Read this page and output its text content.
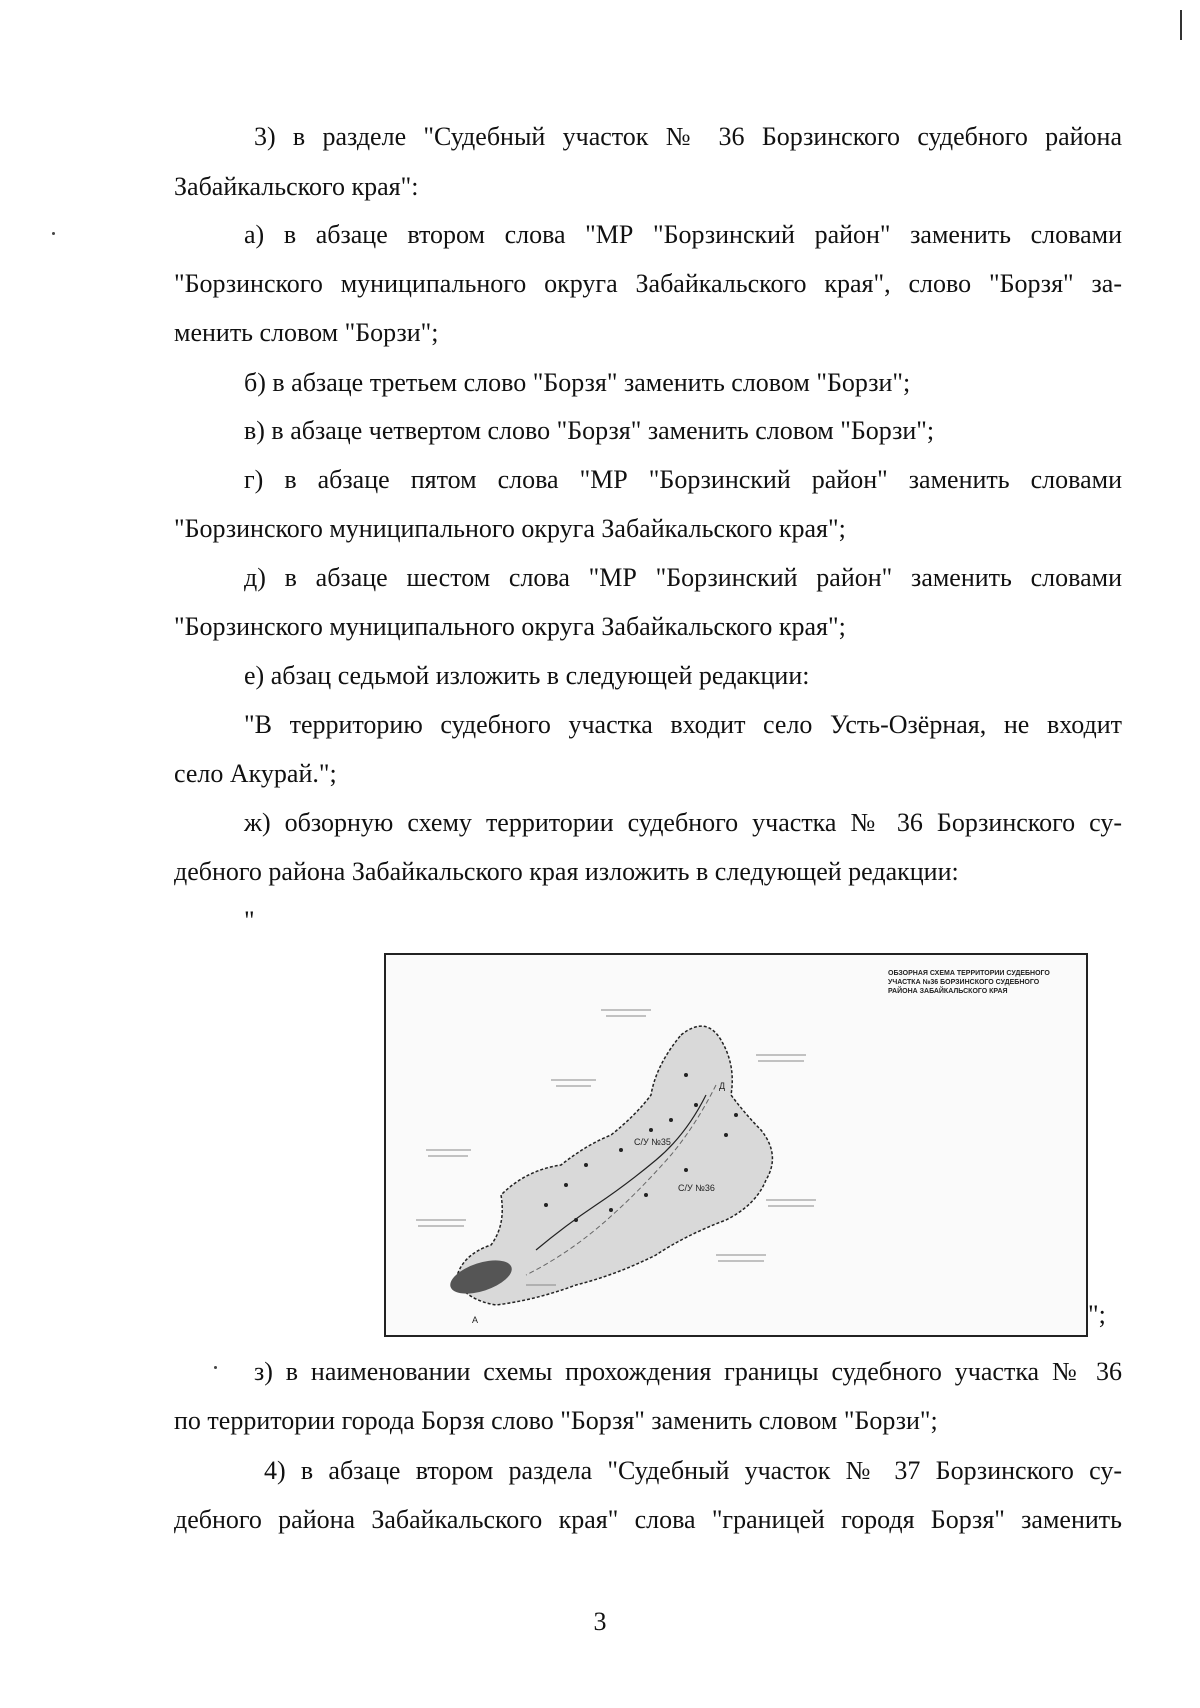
3) в разделе "Судебный участок № 36 Борзинского судебного района
Забайкальского края":
а) в абзаце втором слова "МР "Борзинский район" заменить словами
"Борзинского муниципального округа Забайкальского края", слово "Борзя" за-
менить словом "Борзи";
б) в абзаце третьем слово "Борзя" заменить словом "Борзи";
в) в абзаце четвертом слово "Борзя" заменить словом "Борзи";
г) в абзаце пятом слова "МР "Борзинский район" заменить словами
"Борзинского муниципального округа Забайкальского края";
д) в абзаце шестом слова "МР "Борзинский район" заменить словами
"Борзинского муниципального округа Забайкальского края";
е) абзац седьмой изложить в следующей редакции:
"В территорию судебного участка входит село Усть-Озёрная, не входит
село Акурай.";
ж) обзорную схему территории судебного участка № 36 Борзинского су-
дебного района Забайкальского края изложить в следующей редакции:
"
ОБЗОРНАЯ СХЕМА ТЕРРИТОРИИ СУДЕБНОГО УЧАСТКА №36 БОРЗИНСКОГО СУДЕБНОГО РАЙОНА ЗАБАЙКАЛЬСКОГО КРАЯ
С/У №35
С/У №36
А
Д
";
з) в наименовании схемы прохождения границы судебного участка № 36
по территории города Борзя слово "Борзя" заменить словом "Борзи";
4) в абзаце втором раздела "Судебный участок № 37 Борзинского су-
дебного района Забайкальского края" слова "границей городя Борзя" заменить
3
